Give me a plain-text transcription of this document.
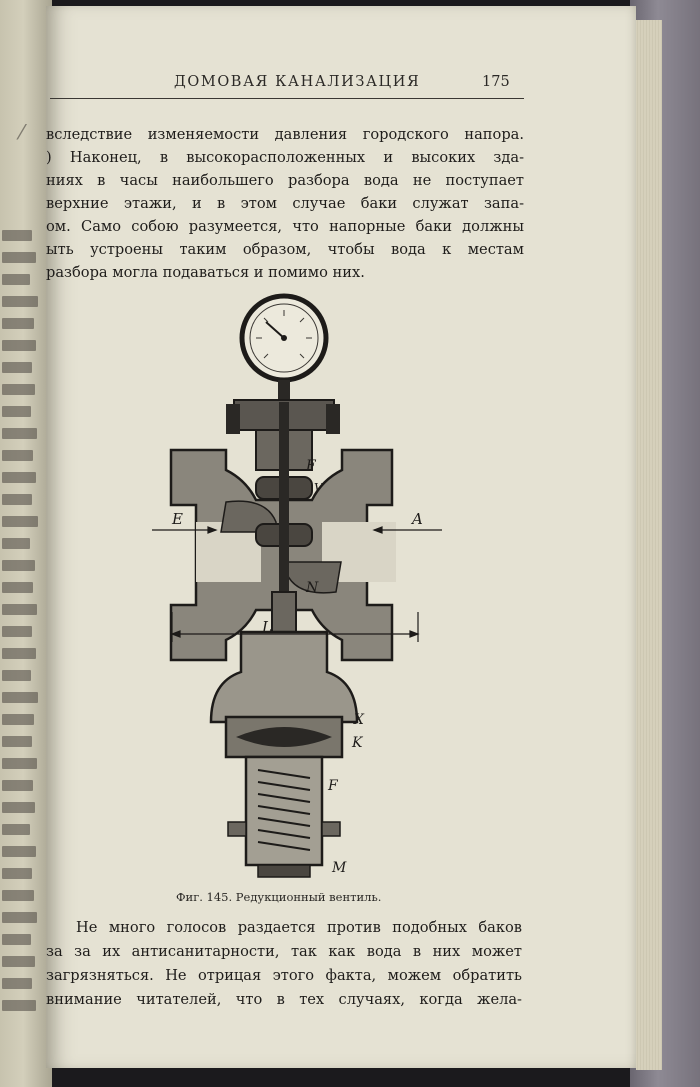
⁄
ДОМОВАЯ КАНАЛИЗАЦИЯ	175
вследствие изменяемости давления городского напора.
) Наконец, в высокорасположенных и высоких зда-
ниях в часы наибольшего разбора вода не поступает
верхние этажи, и в этом случае баки служат запа-
ом. Само собою разумеется, что напорные баки должны
ыть устроены таким образом, чтобы вода к местам
разбора могла подаваться и помимо них.
E	A
L
N
F
V
X
K
F
M
Фиг. 145. Редукционный вентиль.
Не много голосов раздается против подобных баков
за за их антисанитарности, так как вода в них может
загрязняться. Не отрицая этого факта, можем обратить
внимание читателей, что в тех случаях, когда жела-
